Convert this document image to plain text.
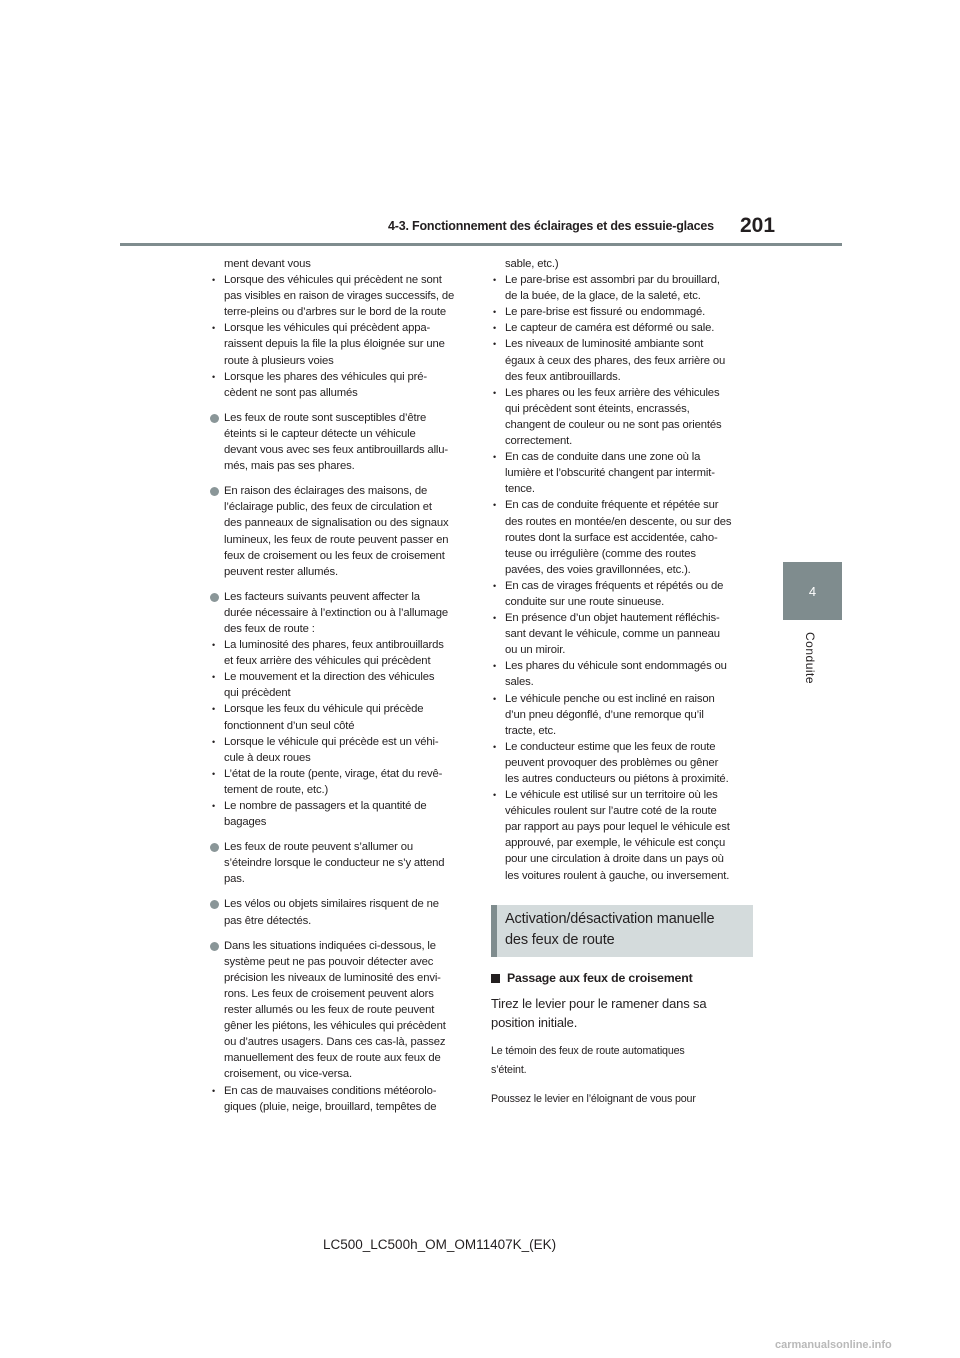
4-3. Fonctionnement des éclairages et des essuie-glaces 201
4
Conduite
ment devant vous
• Lorsque des véhicules qui précèdent ne sont
pas visibles en raison de virages successifs, de
terre-pleins ou d’arbres sur le bord de la route
• Lorsque les véhicules qui précèdent appa-
raissent depuis la file la plus éloignée sur une
route à plusieurs voies
• Lorsque les phares des véhicules qui pré-
cèdent ne sont pas allumés
Les feux de route sont susceptibles d’être
éteints si le capteur détecte un véhicule
devant vous avec ses feux antibrouillards allu-
més, mais pas ses phares.
En raison des éclairages des maisons, de
l’éclairage public, des feux de circulation et
des panneaux de signalisation ou des signaux
lumineux, les feux de route peuvent passer en
feux de croisement ou les feux de croisement
peuvent rester allumés.
Les facteurs suivants peuvent affecter la
durée nécessaire à l’extinction ou à l’allumage
des feux de route :
• La luminosité des phares, feux antibrouillards
et feux arrière des véhicules qui précèdent
• Le mouvement et la direction des véhicules
qui précèdent
• Lorsque les feux du véhicule qui précède
fonctionnent d’un seul côté
• Lorsque le véhicule qui précède est un véhi-
cule à deux roues
• L’état de la route (pente, virage, état du revê-
tement de route, etc.)
• Le nombre de passagers et la quantité de
bagages
Les feux de route peuvent s’allumer ou
s’éteindre lorsque le conducteur ne s’y attend
pas.
Les vélos ou objets similaires risquent de ne
pas être détectés.
Dans les situations indiquées ci-dessous, le
système peut ne pas pouvoir détecter avec
précision les niveaux de luminosité des envi-
rons. Les feux de croisement peuvent alors
rester allumés ou les feux de route peuvent
gêner les piétons, les véhicules qui précèdent
ou d’autres usagers. Dans ces cas-là, passez
manuellement des feux de route aux feux de
croisement, ou vice-versa.
• En cas de mauvaises conditions météorolo-
giques (pluie, neige, brouillard, tempêtes de
sable, etc.)
• Le pare-brise est assombri par du brouillard,
de la buée, de la glace, de la saleté, etc.
• Le pare-brise est fissuré ou endommagé.
• Le capteur de caméra est déformé ou sale.
• Les niveaux de luminosité ambiante sont
égaux à ceux des phares, des feux arrière ou
des feux antibrouillards.
• Les phares ou les feux arrière des véhicules
qui précèdent sont éteints, encrassés,
changent de couleur ou ne sont pas orientés
correctement.
• En cas de conduite dans une zone où la
lumière et l’obscurité changent par intermit-
tence.
• En cas de conduite fréquente et répétée sur
des routes en montée/en descente, ou sur des
routes dont la surface est accidentée, caho-
teuse ou irrégulière (comme des routes
pavées, des voies gravillonnées, etc.).
• En cas de virages fréquents et répétés ou de
conduite sur une route sinueuse.
• En présence d’un objet hautement réfléchis-
sant devant le véhicule, comme un panneau
ou un miroir.
• Les phares du véhicule sont endommagés ou
sales.
• Le véhicule penche ou est incliné en raison
d’un pneu dégonflé, d’une remorque qu’il
tracte, etc.
• Le conducteur estime que les feux de route
peuvent provoquer des problèmes ou gêner
les autres conducteurs ou piétons à proximité.
• Le véhicule est utilisé sur un territoire où les
véhicules roulent sur l’autre coté de la route
par rapport au pays pour lequel le véhicule est
approuvé, par exemple, le véhicule est conçu
pour une circulation à droite dans un pays où
les voitures roulent à gauche, ou inversement.
Activation/désactivation manuelle
des feux de route
Passage aux feux de croisement
Tirez le levier pour le ramener dans sa
position initiale.
Le témoin des feux de route automatiques
s’éteint.
Poussez le levier en l’éloignant de vous pour
LC500_LC500h_OM_OM11407K_(EK)
carmanualsonline.info
